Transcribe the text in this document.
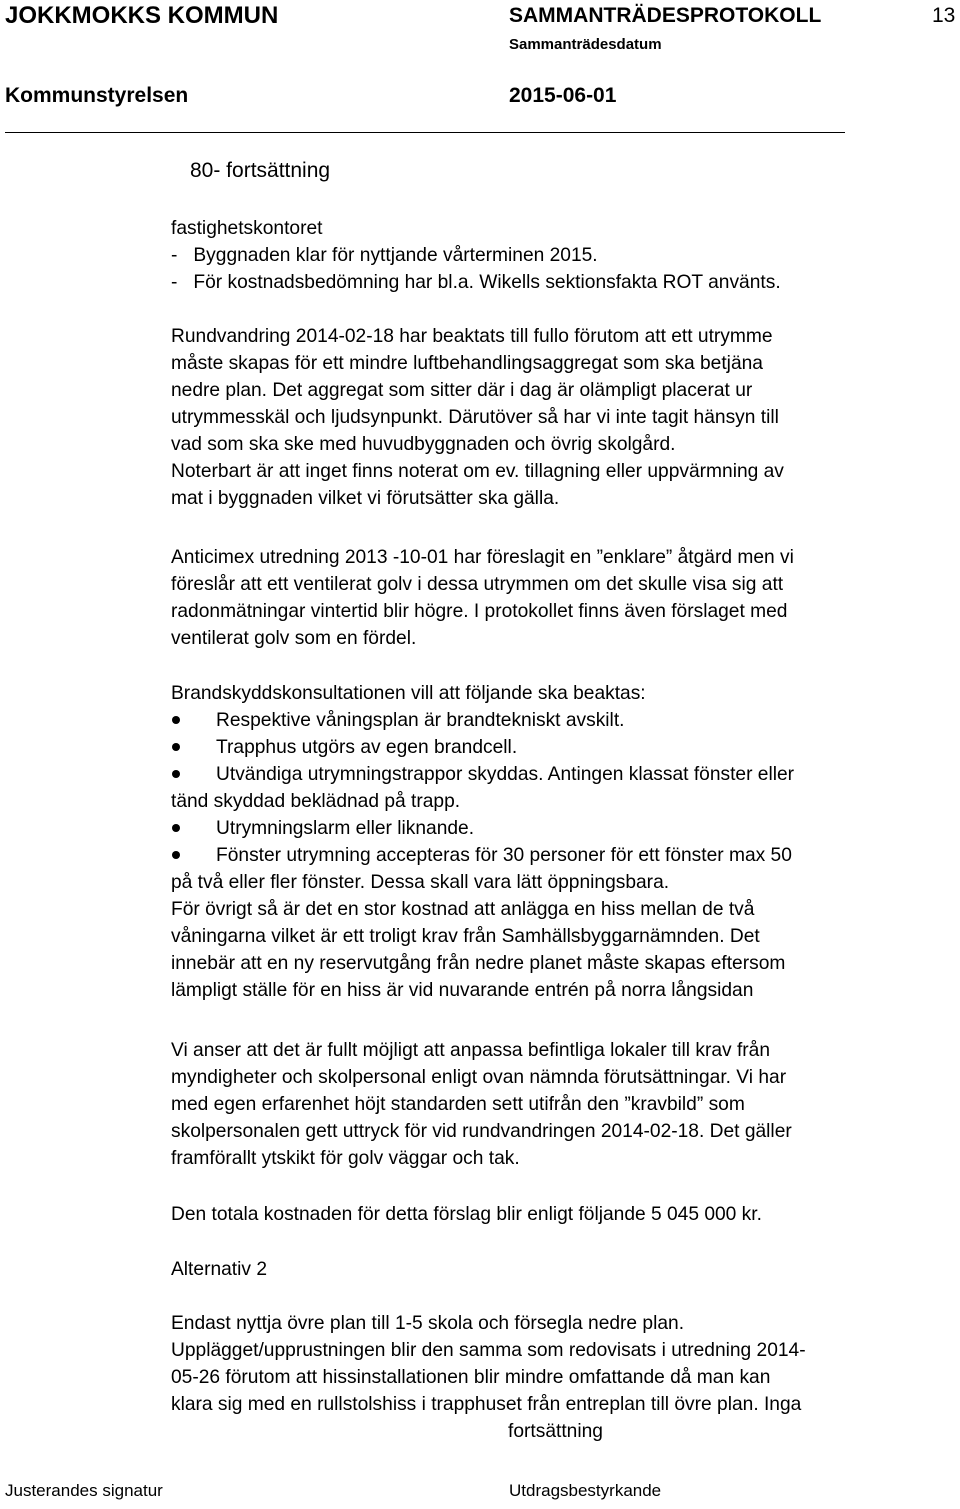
JOKKMOKKS KOMMUN	SAMMANTRÄDESPROTOKOLL	13
Sammanträdesdatum
Kommunstyrelsen	2015-06-01
80- fortsättning
fastighetskontoret
-   Byggnaden klar för nyttjande vårterminen 2015.
-   För kostnadsbedömning har bl.a. Wikells sektionsfakta ROT använts.
Rundvandring 2014-02-18 har beaktats till fullo förutom att ett utrymme
måste skapas för ett mindre luftbehandlingsaggregat som ska betjäna
nedre plan. Det aggregat som sitter där i dag är olämpligt placerat ur
utrymmesskäl och ljudsynpunkt. Därutöver så har vi inte tagit hänsyn till
vad som ska ske med huvudbyggnaden och övrig skolgård.
Noterbart är att inget finns noterat om ev. tillagning eller uppvärmning av
mat i byggnaden vilket vi förutsätter ska gälla.
Anticimex utredning 2013 -10-01 har föreslagit en ”enklare” åtgärd men vi
föreslår att ett ventilerat golv i dessa utrymmen om det skulle visa sig att
radonmätningar vintertid blir högre. I protokollet finns även förslaget med
ventilerat golv som en fördel.
Brandskyddskonsultationen vill att följande ska beaktas:
Respektive våningsplan är brandtekniskt avskilt.
Trapphus utgörs av egen brandcell.
Utvändiga utrymningstrappor skyddas. Antingen klassat fönster eller
tänd skyddad beklädnad på trapp.
Utrymningslarm eller liknande.
Fönster utrymning accepteras för 30 personer för ett fönster max 50
på två eller fler fönster. Dessa skall vara lätt öppningsbara.
För övrigt så är det en stor kostnad att anlägga en hiss mellan de två
våningarna vilket är ett troligt krav från Samhällsbyggarnämnden. Det
innebär att en ny reservutgång från nedre planet måste skapas eftersom
lämpligt ställe för en hiss är vid nuvarande entrén på norra långsidan
Vi anser att det är fullt möjligt att anpassa befintliga lokaler till krav från
myndigheter och skolpersonal enligt ovan nämnda förutsättningar. Vi har
med egen erfarenhet höjt standarden sett utifrån den ”kravbild” som
skolpersonalen gett uttryck för vid rundvandringen 2014-02-18. Det gäller
framförallt ytskikt för golv väggar och tak.
Den totala kostnaden för detta förslag blir enligt följande 5 045 000 kr.
Alternativ 2
Endast nyttja övre plan till 1-5 skola och försegla nedre plan.
Upplägget/upprustningen blir den samma som redovisats i utredning 2014-
05-26 förutom att hissinstallationen blir mindre omfattande då man kan
klara sig med en rullstolshiss i trapphuset från entreplan till övre plan. Inga
fortsättning
Justerandes signatur	Utdragsbestyrkande
